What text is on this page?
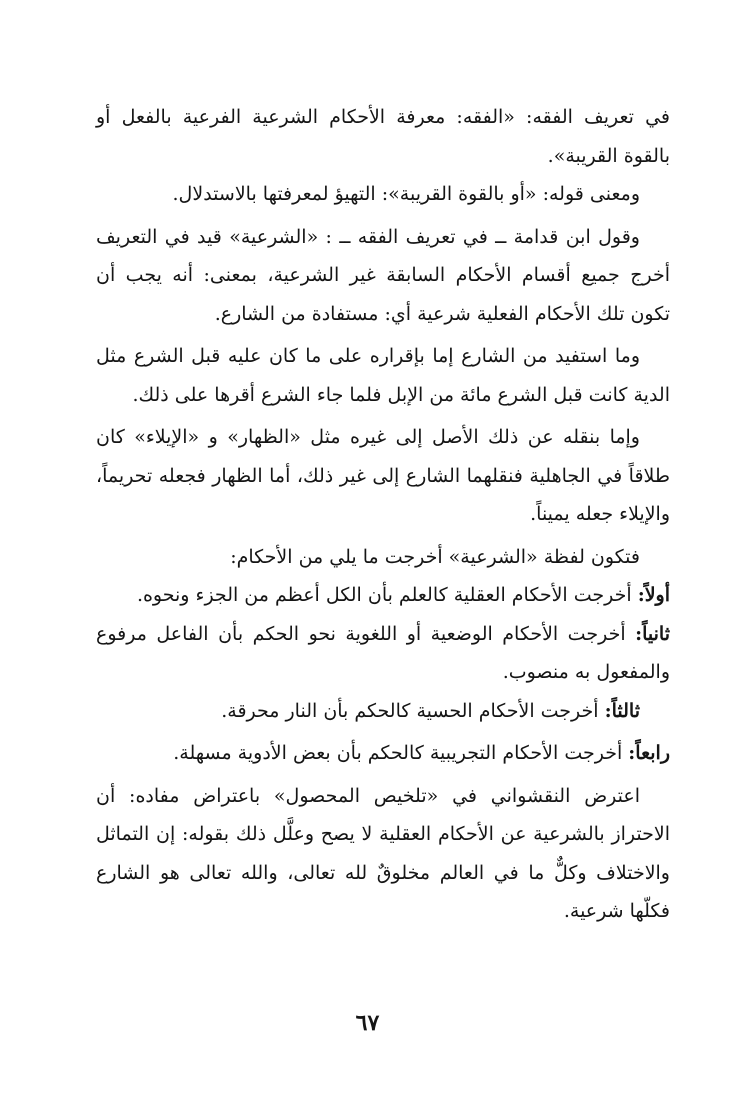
في تعريف الفقه: «الفقه: معرفة الأحكام الشرعية الفرعية بالفعل أو بالقوة القريبة».

ومعنى قوله: «أو بالقوة القريبة»: التهيؤ لمعرفتها بالاستدلال.

وقول ابن قدامة ــ في تعريف الفقه ــ : «الشرعية» قيد في التعريف أخرج جميع أقسام الأحكام السابقة غير الشرعية، بمعنى: أنه يجب أن تكون تلك الأحكام الفعلية شرعية أي: مستفادة من الشارع.

وما استفيد من الشارع إما بإقراره على ما كان عليه قبل الشرع مثل الدية كانت قبل الشرع مائة من الإبل فلما جاء الشرع أقرها على ذلك.

وإما بنقله عن ذلك الأصل إلى غيره مثل «الظهار» و «الإيلاء» كان طلاقاً في الجاهلية فنقلهما الشارع إلى غير ذلك، أما الظهار فجعله تحريماً، والإيلاء جعله يميناً.

فتكون لفظة «الشرعية» أخرجت ما يلي من الأحكام:

أولاً: أخرجت الأحكام العقلية كالعلم بأن الكل أعظم من الجزء ونحوه.

ثانياً: أخرجت الأحكام الوضعية أو اللغوية نحو الحكم بأن الفاعل مرفوع والمفعول به منصوب.

ثالثاً: أخرجت الأحكام الحسية كالحكم بأن النار محرقة.

رابعاً: أخرجت الأحكام التجريبية كالحكم بأن بعض الأدوية مسهلة.

اعترض النقشواني في «تلخيص المحصول» باعتراض مفاده: أن الاحتراز بالشرعية عن الأحكام العقلية لا يصح وعلَّل ذلك بقوله: إن التماثل والاختلاف وكلٌّ ما في العالم مخلوقٌ لله تعالى، والله تعالى هو الشارع فكلّها شرعية.

٦٧
